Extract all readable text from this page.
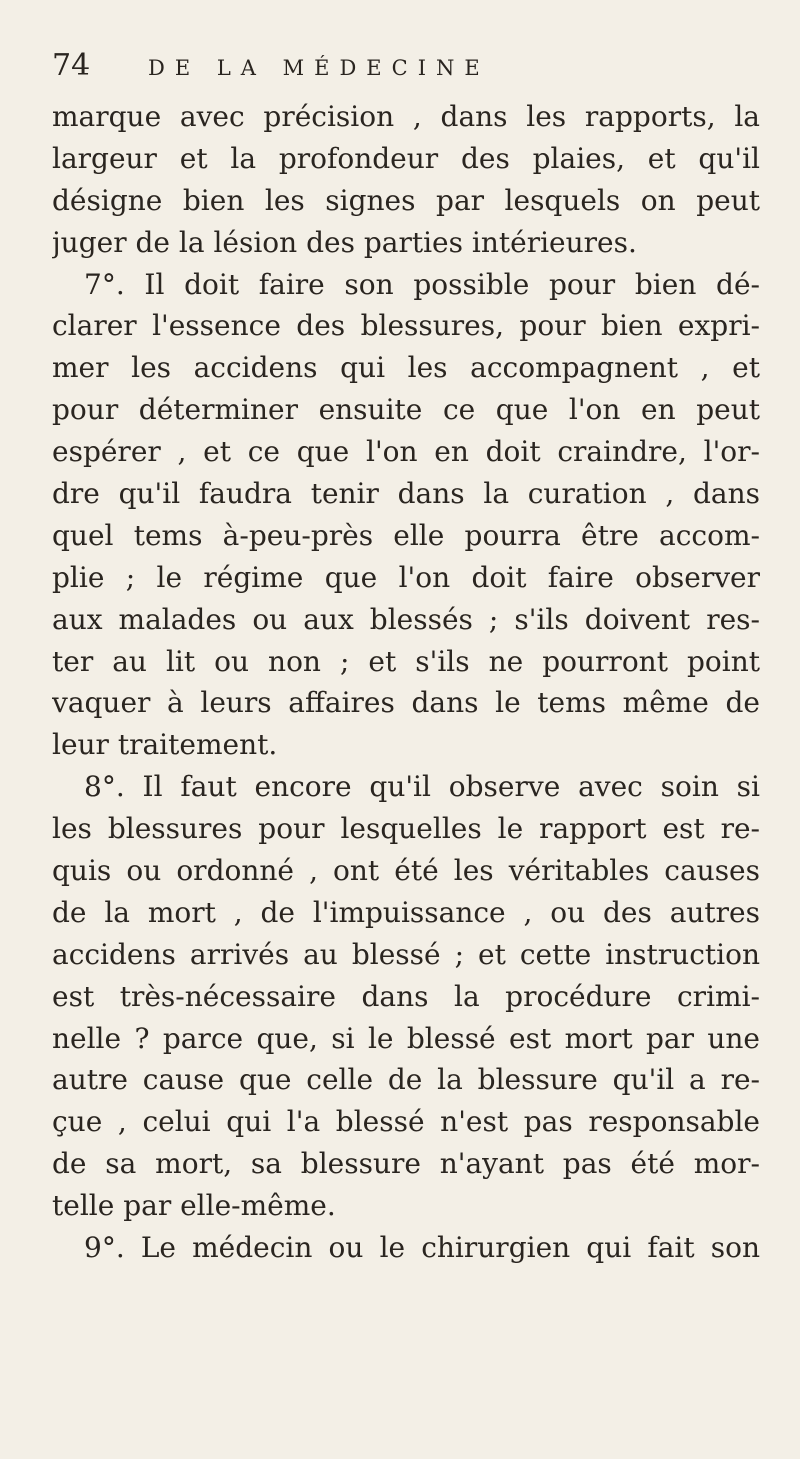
74	DE LA MÉDECINE
marque avec précision , dans les rapports, la
largeur et la profondeur des plaies, et qu'il
désigne bien les signes par lesquels on peut
juger de la lésion des parties intérieures.
7°. Il doit faire son possible pour bien dé-
clarer l'essence des blessures, pour bien expri-
mer les accidens qui les accompagnent , et
pour déterminer ensuite ce que l'on en peut
espérer , et ce que l'on en doit craindre, l'or-
dre qu'il faudra tenir dans la curation , dans
quel tems à-peu-près elle pourra être accom-
plie ; le régime que l'on doit faire observer
aux malades ou aux blessés ; s'ils doivent res-
ter au lit ou non ; et s'ils ne pourront point
vaquer à leurs affaires dans le tems même de
leur traitement.
8°. Il faut encore qu'il observe avec soin si
les blessures pour lesquelles le rapport est re-
quis ou ordonné , ont été les véritables causes
de la mort , de l'impuissance , ou des autres
accidens arrivés au blessé ; et cette instruction
est très-nécessaire dans la procédure crimi-
nelle ? parce que, si le blessé est mort par une
autre cause que celle de la blessure qu'il a re-
çue , celui qui l'a blessé n'est pas responsable
de sa mort, sa blessure n'ayant pas été mor-
telle par elle-même.
9°. Le médecin ou le chirurgien qui fait son
